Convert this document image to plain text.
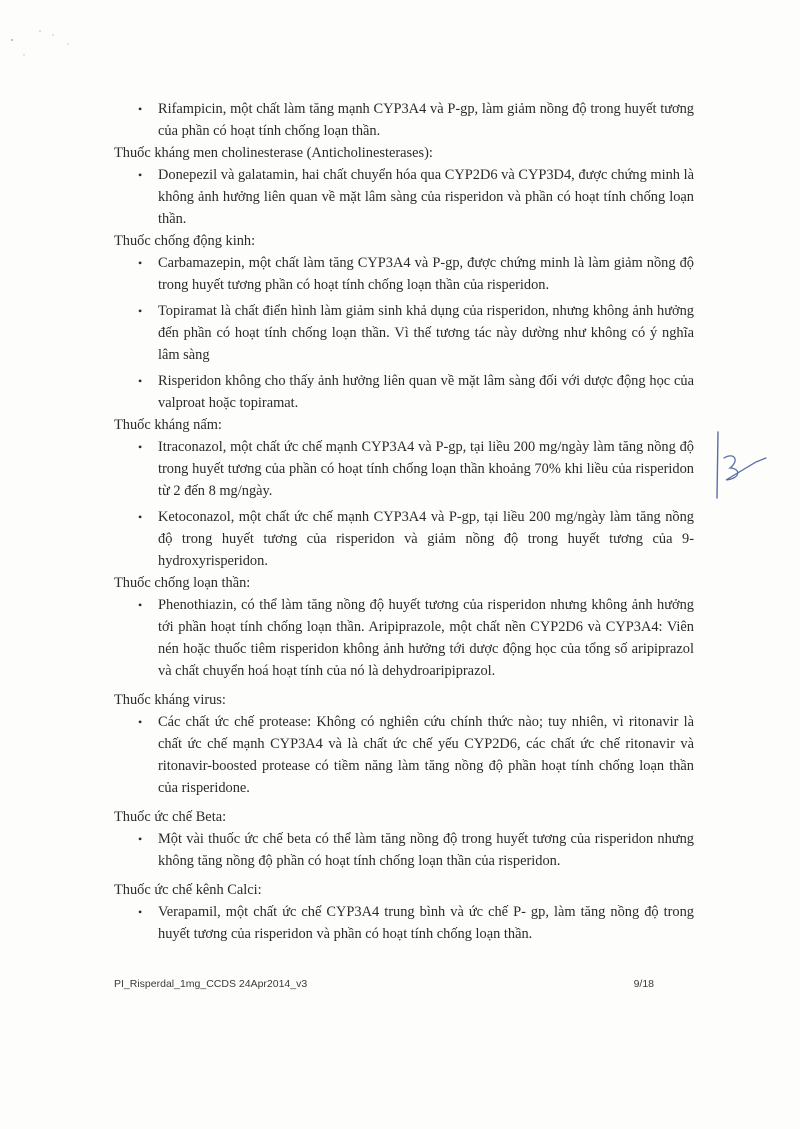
• Rifampicin, một chất làm tăng mạnh CYP3A4 và P-gp, làm giảm nồng độ trong huyết tương của phần có hoạt tính chống loạn thần.

Thuốc kháng men cholinesterase (Anticholinesterases):

• Donepezil và galatamin, hai chất chuyển hóa qua CYP2D6 và CYP3D4, được chứng minh là không ảnh hưởng liên quan về mặt lâm sàng của risperidon và phần có hoạt tính chống loạn thần.

Thuốc chống động kinh:

• Carbamazepin, một chất làm tăng CYP3A4 và P-gp, được chứng minh là làm giảm nồng độ trong huyết tương phần có hoạt tính chống loạn thần của risperidon.
• Topiramat là chất điển hình làm giảm sinh khả dụng của risperidon, nhưng không ảnh hưởng đến phần có hoạt tính chống loạn thần. Vì thế tương tác này dường như không có ý nghĩa lâm sàng
• Risperidon không cho thấy ảnh hưởng liên quan về mặt lâm sàng đối với dược động học của valproat hoặc topiramat.

Thuốc kháng nấm:

• Itraconazol, một chất ức chế mạnh CYP3A4 và P-gp, tại liều 200 mg/ngày làm tăng nồng độ trong huyết tương của phần có hoạt tính chống loạn thần khoảng 70% khi liều của risperidon từ 2 đến 8 mg/ngày.
• Ketoconazol, một chất ức chế mạnh CYP3A4 và P-gp, tại liều 200 mg/ngày làm tăng nồng độ trong huyết tương của risperidon và giảm nồng độ trong huyết tương của 9-hydroxyrisperidon.

Thuốc chống loạn thần:

• Phenothiazin, có thể làm tăng nồng độ huyết tương của risperidon nhưng không ảnh hưởng tới phần hoạt tính chống loạn thần. Aripiprazole, một chất nền CYP2D6 và CYP3A4: Viên nén hoặc thuốc tiêm risperidon không ảnh hưởng tới dược động học của tổng số aripiprazol và chất chuyển hoá hoạt tính của nó là dehydroaripiprazol.

Thuốc kháng virus:

• Các chất ức chế protease: Không có nghiên cứu chính thức nào; tuy nhiên, vì ritonavir là chất ức chế mạnh CYP3A4 và là chất ức chế yếu CYP2D6, các chất ức chế ritonavir và ritonavir-boosted protease có tiềm năng làm tăng nồng độ phần hoạt tính chống loạn thần của risperidone.

Thuốc ức chế Beta:

• Một vài thuốc ức chế beta có thể làm tăng nồng độ trong huyết tương của risperidon nhưng không tăng nồng độ phần có hoạt tính chống loạn thần của risperidon.

Thuốc ức chế kênh Calci:

• Verapamil, một chất ức chế CYP3A4 trung bình và ức chế P- gp, làm tăng nồng độ trong huyết tương của risperidon và phần có hoạt tính chống loạn thần.
PI_Risperdal_1mg_CCDS 24Apr2014_v3	9/18
